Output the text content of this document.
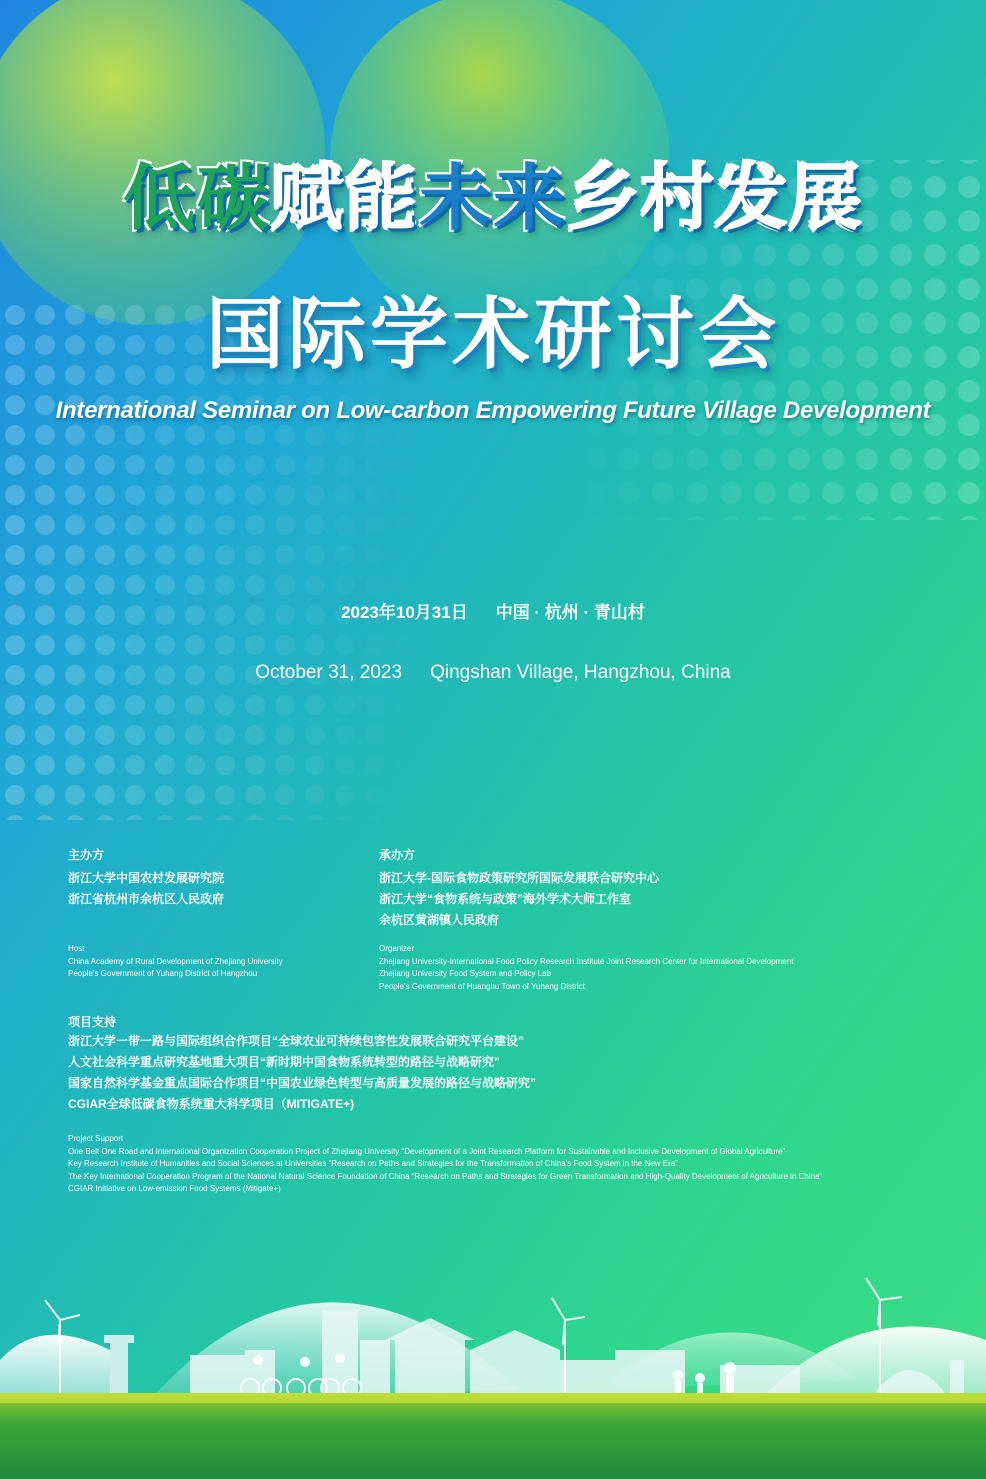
低碳赋能未来乡村发展
国际学术研讨会
International Seminar on Low-carbon Empowering Future Village Development
2023年10月31日 中国 · 杭州 · 青山村
October 31, 2023 Qingshan Village, Hangzhou, China
主办方
浙江大学中国农村发展研究院
浙江省杭州市余杭区人民政府
承办方
浙江大学-国际食物政策研究所国际发展联合研究中心
浙江大学“食物系统与政策”海外学术大师工作室
余杭区黄湖镇人民政府
Host
China Academy of Rural Development of Zhejiang University
People’s Government of Yuhang District of Hangzhou
Organizer
Zhejiang University-International Food Policy Research Institute Joint Research Center for International Development
Zhejiang University Food System and Policy Lab
People’s Government of Huanghu Town of Yuhang District
项目支持
浙江大学一带一路与国际组织合作项目“全球农业可持续包容性发展联合研究平台建设”
人文社会科学重点研究基地重大项目“新时期中国食物系统转型的路径与战略研究”
国家自然科学基金重点国际合作项目“中国农业绿色转型与高质量发展的路径与战略研究”
CGIAR全球低碳食物系统重大科学项目（MITIGATE+)
Project Support
One Belt One Road and International Organization Cooperation Project of Zhejiang University “Development of a Joint Research Platform for Sustainable and Inclusive Development of Global Agriculture”
Key Research Institute of Humanities and Social Sciences at Universities “Research on Paths and Strategies for the Transformation of China’s Food System in the New Era”
The Key International Cooperation Program of the National Natural Science Foundation of China “Research on Paths and Strategies for Green Transformation and High-Quality Development of Agriculture in China”
CGIAR Initiative on Low-emission Food Systems (Mitigate+)
